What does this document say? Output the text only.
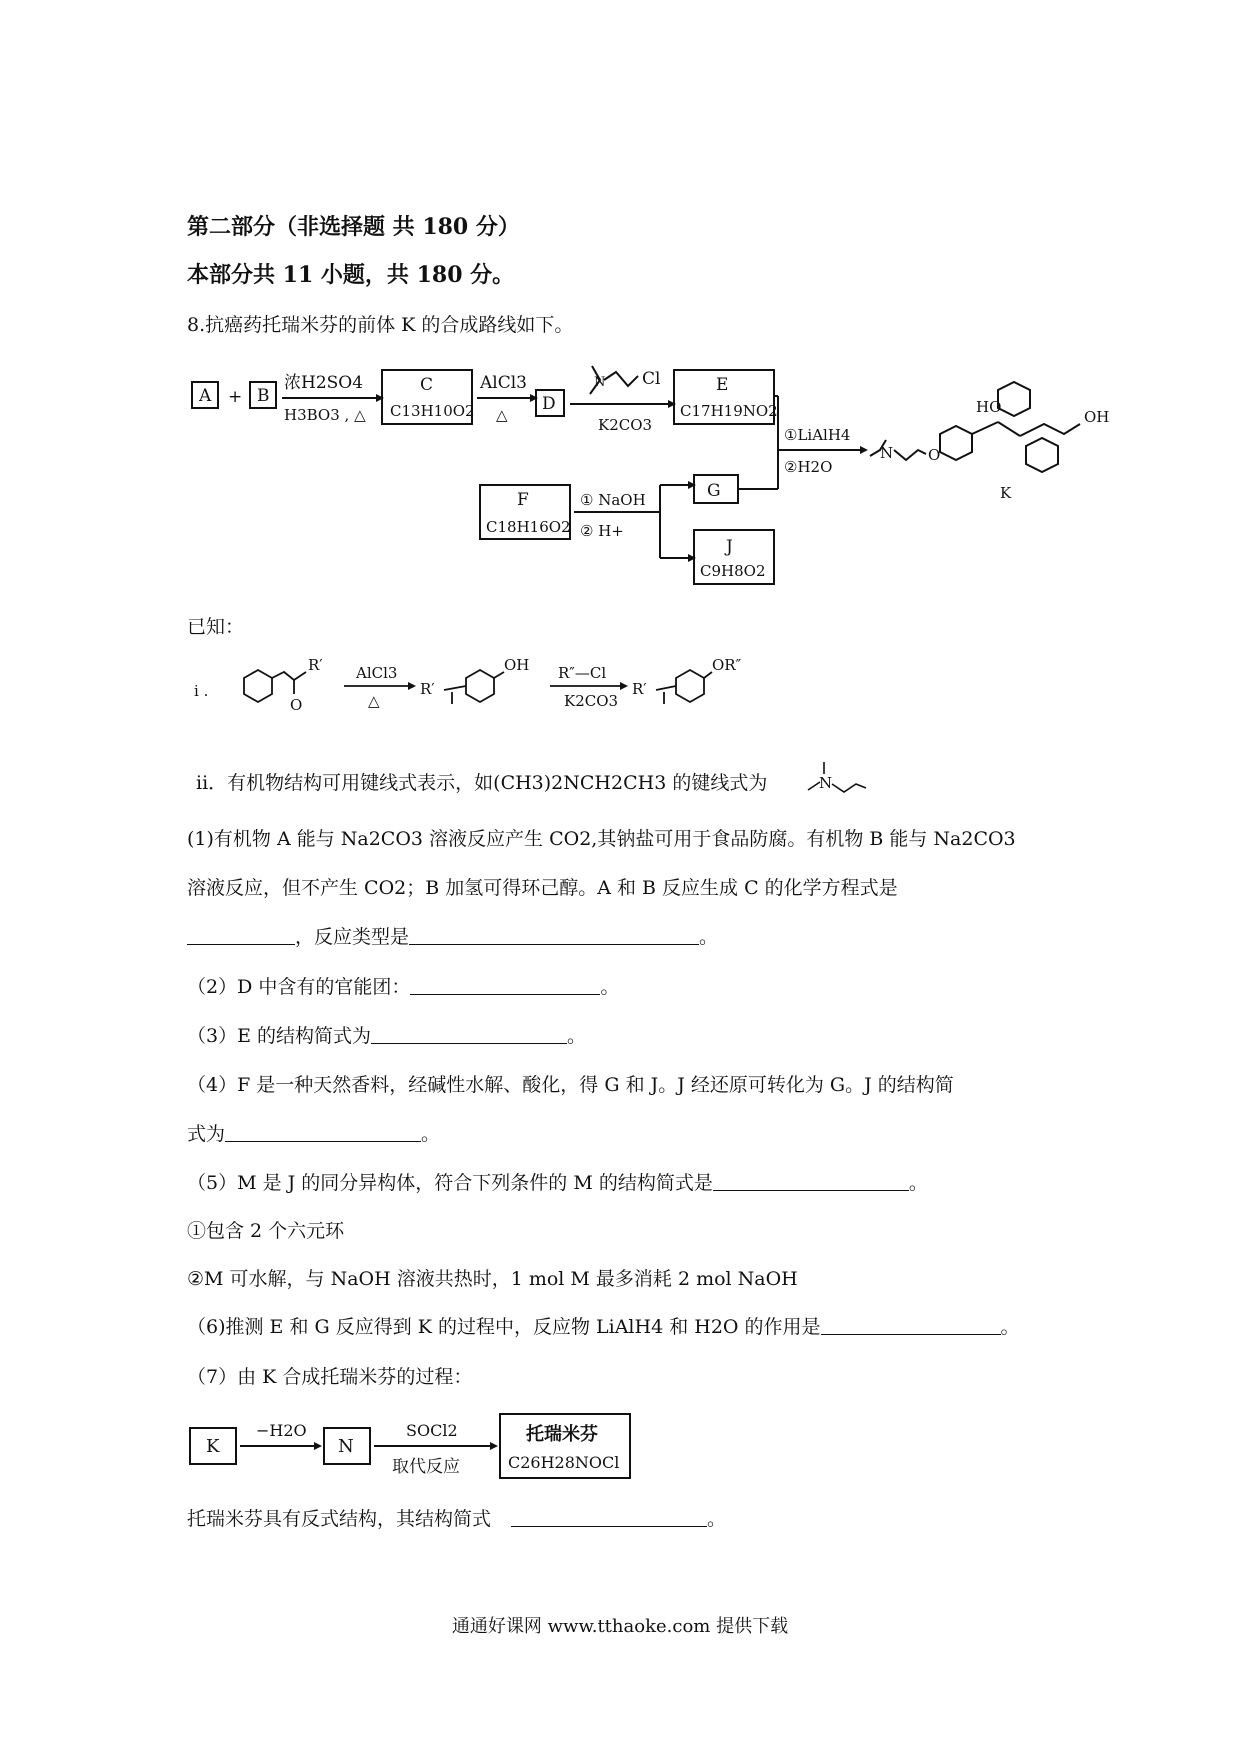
第二部分（非选择题 共 180 分）
本部分共 11 小题，共 180 分。
8.抗癌药托瑞米芬的前体 K 的合成路线如下。
A + B
浓H2SO4
H3BO3 , △
C
C13H10O2
AlCl3
△
D
Cl
N
K2CO3
E
C17H19NO2
①LiAlH4
②H2O
F
C18H16O2
① NaOH
② H+
G
J
C9H8O2
N O
HO
OH
K
已知：
i .
R′
O
AlCl3
△
R′
OH R″—Cl
K2CO3
R′
OR″
ii．有机物结构可用键线式表示，如(CH3)2NCH2CH3 的键线式为	N
(1)有机物 A 能与 Na2CO3 溶液反应产生 CO2,其钠盐可用于食品防腐。有机物 B 能与 Na2CO3
溶液反应，但不产生 CO2；B 加氢可得环己醇。A 和 B 反应生成 C 的化学方程式是
，反应类型是	。
（2）D 中含有的官能团：	。
（3）E 的结构简式为	。
（4）F 是一种天然香料，经碱性水解、酸化，得 G 和 J。J 经还原可转化为 G。J 的结构简
式为	。
（5）M 是 J 的同分异构体，符合下列条件的 M 的结构简式是	。
①包含 2 个六元环
②M 可水解，与 NaOH 溶液共热时，1 mol M 最多消耗 2 mol NaOH
（6)推测 E 和 G 反应得到 K 的过程中，反应物 LiAlH4 和 H2O 的作用是	。
（7）由 K 合成托瑞米芬的过程：
K
−H2O
N
SOCl2
取代反应
托瑞米芬
C26H28NOCl
托瑞米芬具有反式结构，其结构简式	。
通通好课网 www.tthaoke.com 提供下载
